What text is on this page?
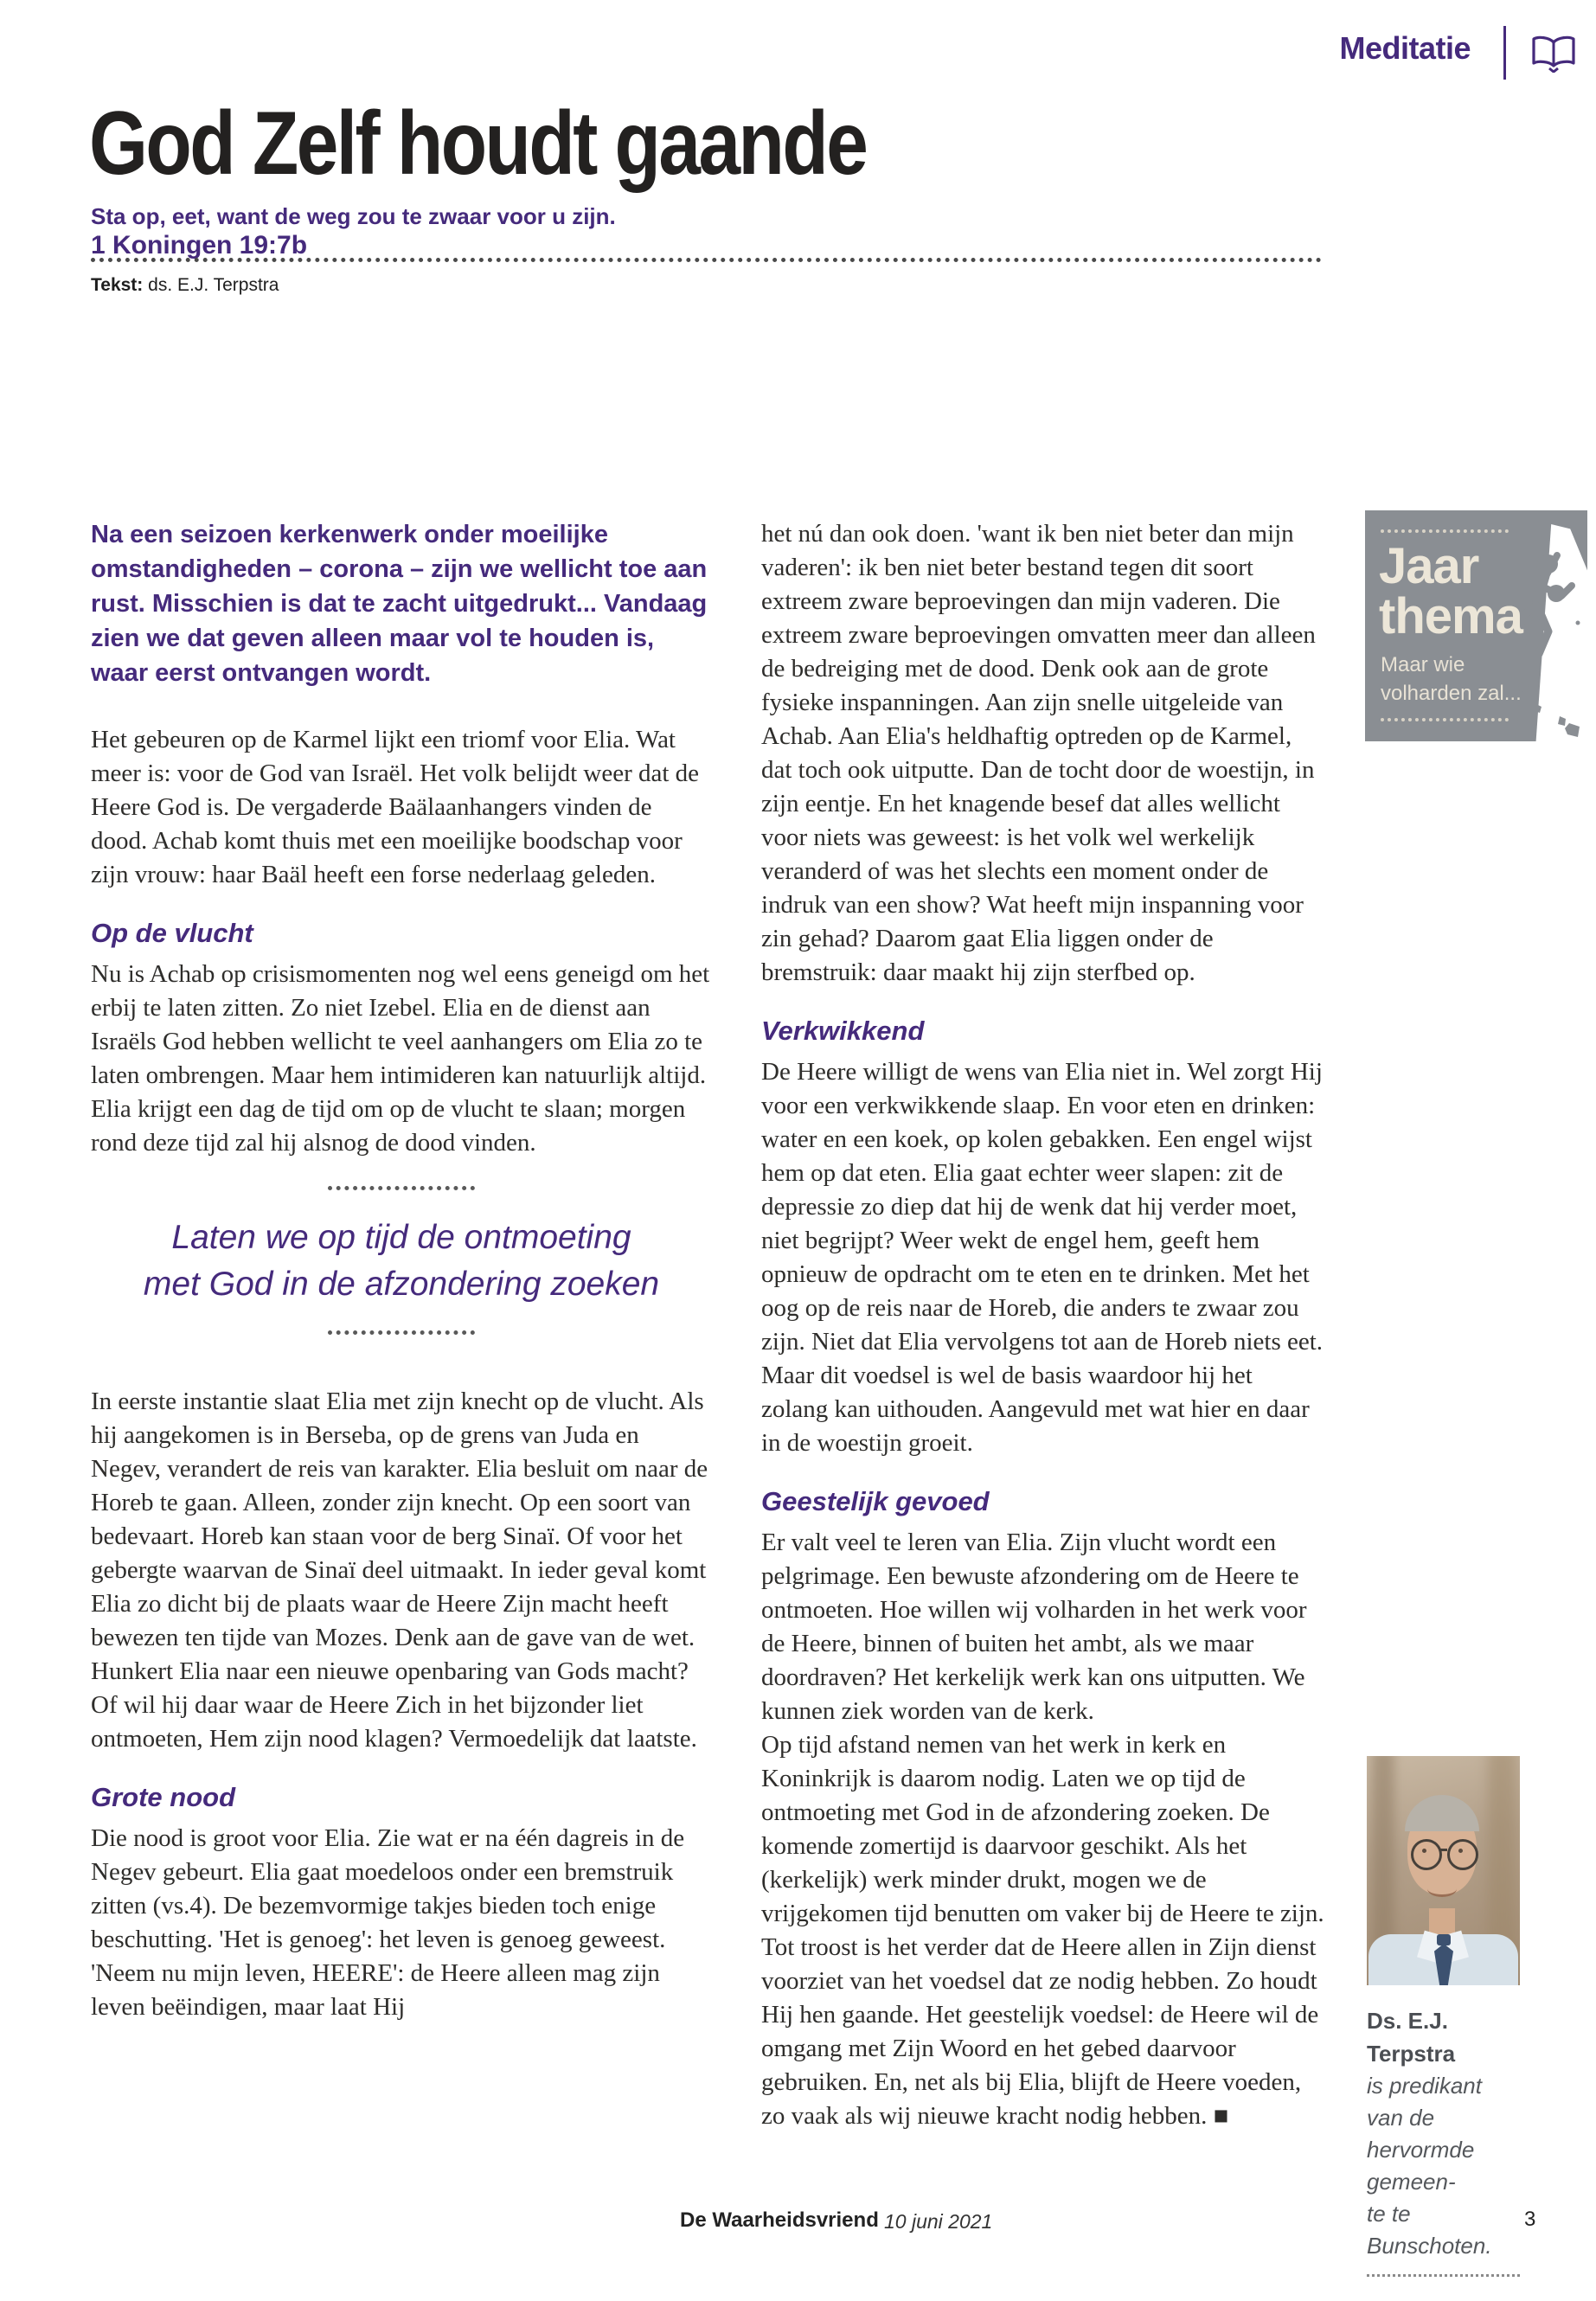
Meditatie
God Zelf houdt gaande
Sta op, eet, want de weg zou te zwaar voor u zijn.
1 Koningen 19:7b
Tekst: ds. E.J. Terpstra

Na een seizoen kerkenwerk onder moeilijke omstandigheden – corona – zijn we wellicht toe aan rust. Misschien is dat te zacht uitgedrukt... Vandaag zien we dat geven alleen maar vol te houden is, waar eerst ontvangen wordt.

Het gebeuren op de Karmel lijkt een triomf voor Elia. Wat meer is: voor de God van Israël. Het volk belijdt weer dat de Heere God is. De vergaderde Baälaanhangers vinden de dood. Achab komt thuis met een moeilijke boodschap voor zijn vrouw: haar Baäl heeft een forse nederlaag geleden.

Op de vlucht

Nu is Achab op crisismomenten nog wel eens geneigd om het erbij te laten zitten. Zo niet Izebel. Elia en de dienst aan Israëls God hebben wellicht te veel aanhangers om Elia zo te laten ombrengen. Maar hem intimideren kan natuurlijk altijd. Elia krijgt een dag de tijd om op de vlucht te slaan; morgen rond deze tijd zal hij alsnog de dood vinden.

Laten we op tijd de ontmoeting
met God in de afzondering zoeken

In eerste instantie slaat Elia met zijn knecht op de vlucht. Als hij aangekomen is in Berseba, op de grens van Juda en Negev, verandert de reis van karakter. Elia besluit om naar de Horeb te gaan. Alleen, zonder zijn knecht. Op een soort van bedevaart. Horeb kan staan voor de berg Sinaï. Of voor het gebergte waarvan de Sinaï deel uitmaakt. In ieder geval komt Elia zo dicht bij de plaats waar de Heere Zijn macht heeft bewezen ten tijde van Mozes. Denk aan de gave van de wet. Hunkert Elia naar een nieuwe openbaring van Gods macht? Of wil hij daar waar de Heere Zich in het bijzonder liet ontmoeten, Hem zijn nood klagen? Vermoedelijk dat laatste.

Grote nood

Die nood is groot voor Elia. Zie wat er na één dagreis in de Negev gebeurt. Elia gaat moedeloos onder een bremstruik zitten (vs.4). De bezemvormige takjes bieden toch enige beschutting. 'Het is genoeg': het leven is genoeg geweest. 'Neem nu mijn leven, HEERE': de Heere alleen mag zijn leven beëindigen, maar laat Hij

het nú dan ook doen. 'want ik ben niet beter dan mijn vaderen': ik ben niet beter bestand tegen dit soort extreem zware beproevingen dan mijn vaderen. Die extreem zware beproevingen omvatten meer dan alleen de bedreiging met de dood. Denk ook aan de grote fysieke inspanningen. Aan zijn snelle uitgeleide van Achab. Aan Elia's heldhaftig optreden op de Karmel, dat toch ook uitputte. Dan de tocht door de woestijn, in zijn eentje. En het knagende besef dat alles wellicht voor niets was geweest: is het volk wel werkelijk veranderd of was het slechts een moment onder de indruk van een show? Wat heeft mijn inspanning voor zin gehad? Daarom gaat Elia liggen onder de bremstruik: daar maakt hij zijn sterfbed op.

Verkwikkend

De Heere willigt de wens van Elia niet in. Wel zorgt Hij voor een verkwikkende slaap. En voor eten en drinken: water en een koek, op kolen gebakken. Een engel wijst hem op dat eten. Elia gaat echter weer slapen: zit de depressie zo diep dat hij de wenk dat hij verder moet, niet begrijpt? Weer wekt de engel hem, geeft hem opnieuw de opdracht om te eten en te drinken. Met het oog op de reis naar de Horeb, die anders te zwaar zou zijn. Niet dat Elia vervolgens tot aan de Horeb niets eet. Maar dit voedsel is wel de basis waardoor hij het zolang kan uithouden. Aangevuld met wat hier en daar in de woestijn groeit.

Geestelijk gevoed

Er valt veel te leren van Elia. Zijn vlucht wordt een pelgrimage. Een bewuste afzondering om de Heere te ontmoeten. Hoe willen wij volharden in het werk voor de Heere, binnen of buiten het ambt, als we maar doordraven? Het kerkelijk werk kan ons uitputten. We kunnen ziek worden van de kerk.

Op tijd afstand nemen van het werk in kerk en Koninkrijk is daarom nodig. Laten we op tijd de ontmoeting met God in de afzondering zoeken. De komende zomertijd is daarvoor geschikt. Als het (kerkelijk) werk minder drukt, mogen we de vrijgekomen tijd benutten om vaker bij de Heere te zijn.

Tot troost is het verder dat de Heere allen in Zijn dienst voorziet van het voedsel dat ze nodig hebben. Zo houdt Hij hen gaande. Het geestelijk voedsel: de Heere wil de omgang met Zijn Woord en het gebed daarvoor gebruiken. En, net als bij Elia, blijft de Heere voeden, zo vaak als wij nieuwe kracht nodig hebben. ■

Jaar
thema
Maar wie
volharden zal...
Ds. E.J. Terpstra
is predikant van de
hervormde gemeen-
te te Bunschoten.
De Waarheidsvriend 10 juni 2021	3
